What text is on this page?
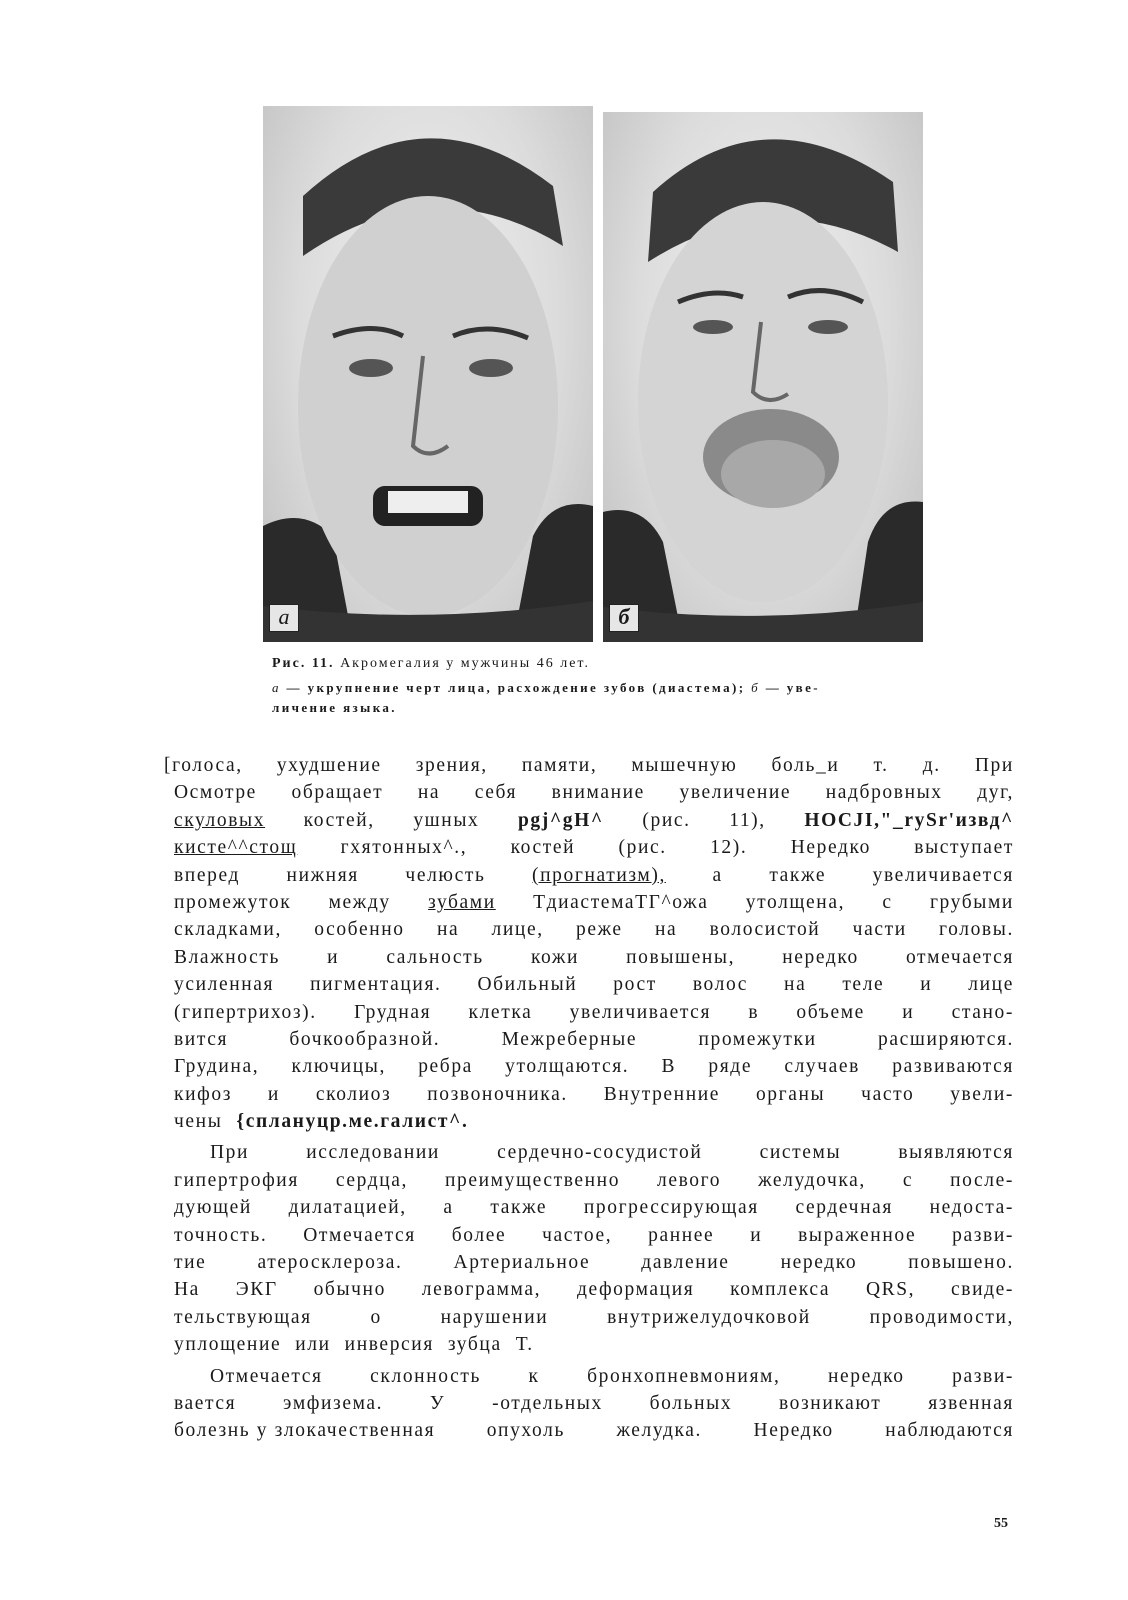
а	б

Рис. 11. Акромегалия у мужчины 46 лет.

а — укрупнение черт лица, расхождение зубов (диастема); б — уве-
личение языка.

[голоса, ухудшение зрения, памяти, мышечную боль_и т. д. При
Осмотре обращает на себя внимание увеличение надбровных дуг,
скуловых костей, ушных pgj^gH^ (рис. 11), HOCJI,"_rySr'извд^
кисте^^стощ гхятонных^., костей (рис. 12). Нередко выступает
вперед нижняя челюсть (прогнатизм), а также увеличивается
промежуток между зубами ТдиастемаТГ^ожа утолщена, с грубыми
складками, особенно на лице, реже на волосистой части головы.
Влажность и сальность кожи повышены, нередко отмечается
усиленная пигментация. Обильный рост волос на теле и лице
(гипертрихоз). Грудная клетка увеличивается в объеме и стано-
вится	бочкообразной.	Межреберные	промежутки	расширяются.
Грудина, ключицы, ребра утолщаются. В ряде случаев развиваются
кифоз и сколиоз позвоночника. Внутренние органы часто увели-
чены {сплануцр.ме.галист^.
При	исследовании	сердечно-сосудистой	системы	выявляются
гипертрофия сердца, преимущественно левого желудочка, с после-
дующей дилатацией, а также прогрессирующая сердечная недоста-
точность. Отмечается более частое, раннее и выраженное разви-
тие	атеросклероза.	Артериальное	давление	нередко	повышено.
На ЭКГ обычно левограмма, деформация комплекса QRS, свиде-
тельствующая	о	нарушении	внутрижелудочковой	проводимости,
уплощение или инверсия зубца Т.
Отмечается склонность к бронхопневмониям, нередко разви-
вается эмфизема. У -отдельных больных возникают язвенная
болезнь у злокачественная	опухоль	желудка.	Нередко	наблюдаются
55
